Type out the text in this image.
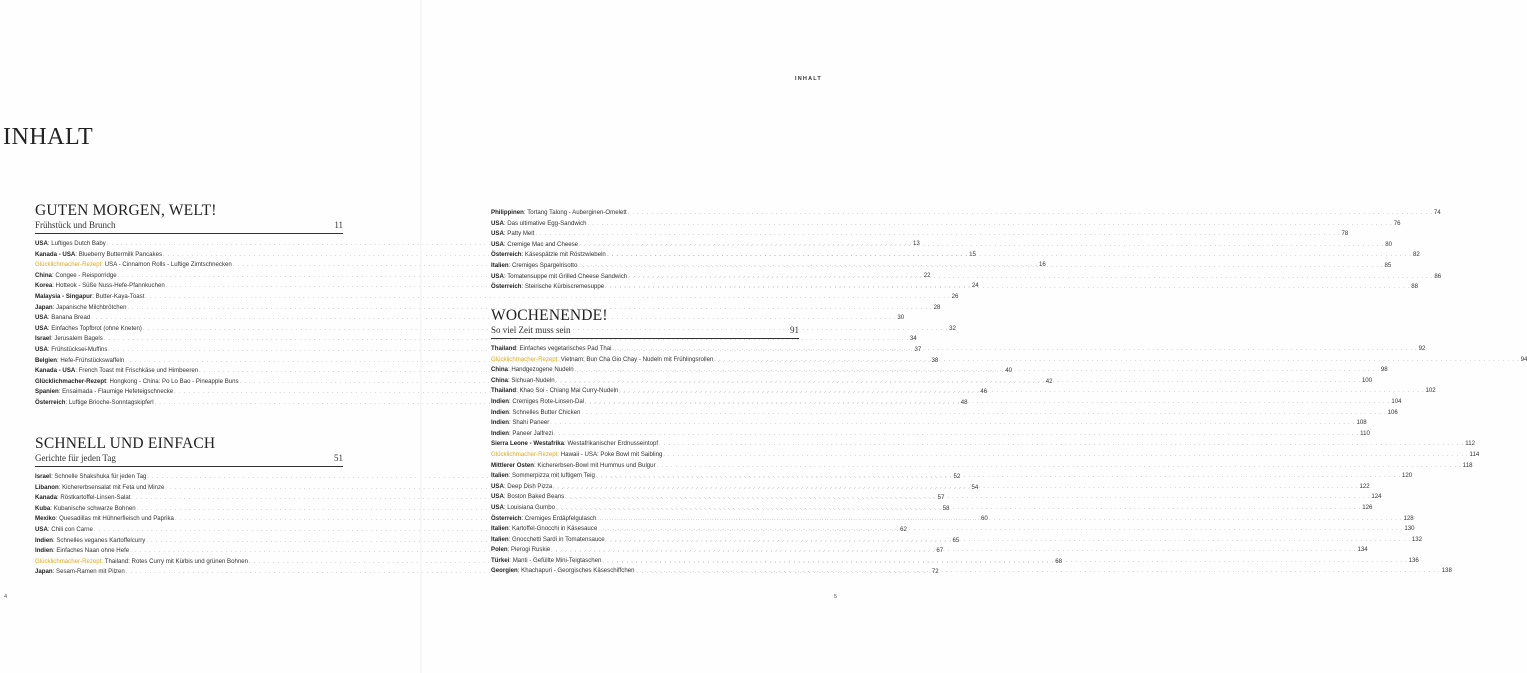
INHALT
GUTEN MORGEN, WELT!
Frühstück und Brunch	11
USA : Luftiges Dutch Baby . . .	13
Kanada - USA : Blueberry Buttermilk Pancakes . . .	15
Glücklichmacher-Rezept : USA - Cinnamon Rolls - Luftige Zimtschnecken . . .	16
China : Congee - Reisporridge . . .	22
Korea : Hotteok - Süße Nuss-Hefe-Pfannkuchen . . .	24
Malaysia - Singapur : Butter-Kaya-Toast . . .	26
Japan : Japanische Milchbrötchen . . .	28
USA : Banana Bread . . .	30
USA : Einfaches Topfbrot (ohne Kneten) . . .	32
Israel : Jerusalem Bagels . . .	34
USA : Frühstücksei-Muffins . . .	37
Belgien : Hefe-Frühstückswaffeln . . .	38
Kanada - USA : French Toast mit Frischkäse und Himbeeren . . .	40
Glücklichmacher-Rezept : Hongkong - China: Po Lo Bao - Pineapple Buns . . .	42
Spanien : Ensaimada - Flaumige Hefeteigschnecke . . .	46
Österreich : Luftige Brioche-Sonntagskipferl . . .	48
SCHNELL UND EINFACH
Gerichte für jeden Tag	51
Israel : Schnelle Shakshuka für jeden Tag . . .	52
Libanon : Kichererbsensalat mit Feta und Minze . . .	54
Kanada : Röstkartoffel-Linsen-Salat . . .	57
Kuba : Kubanische schwarze Bohnen . . .	58
Mexiko : Quesadillas mit Hühnerfleisch und Paprika . . .	60
USA : Chili con Carne . . .	62
Indien : Schnelles veganes Kartoffelcurry . . .	65
Indien : Einfaches Naan ohne Hefe . . .	67
Glücklichmacher-Rezept : Thailand: Rotes Curry mit Kürbis und grünen Bohnen . . .	68
Japan : Sesam-Ramen mit Pilzen . . .	72
4
INHALT
Philippinen : Tortang Talong - Auberginen-Omelett . . .	74
USA : Das ultimative Egg-Sandwich . . .	76
USA : Patty Melt . . .	78
USA : Cremige Mac and Cheese . . .	80
Österreich : Käsespätzle mit Röstzwiebeln . . .	82
Italien : Cremiges Spargelrisotto . . .	85
USA : Tomatensuppe mit Grilled Cheese Sandwich . . .	86
Österreich : Steirische Kürbiscremesuppe . . .	88
WOCHENENDE!
So viel Zeit muss sein	91
Thailand : Einfaches vegetarisches Pad Thai . . .	92
Glücklichmacher-Rezept : Vietnam: Bun Cha Gio Chay - Nudeln mit Frühlingsrollen . . .	94
China : Handgezogene Nudeln . . .	98
China : Sichuan-Nudeln . . .	100
Thailand : Khao Soi - Chiang Mai Curry-Nudeln . . .	102
Indien : Cremiges Rote-Linsen-Dal . . .	104
Indien : Schnelles Butter Chicken . . .	106
Indien : Shahi Paneer . . .	108
Indien : Paneer Jalfrezi . . .	110
Sierra Leone - Westafrika : Westafrikanischer Erdnusseintopf . . .	112
Glücklichmacher-Rezept : Hawaii - USA: Poke Bowl mit Saibling . . .	114
Mittlerer Osten : Kichererbsen-Bowl mit Hummus und Bulgur . . .	118
Italien : Sommerpizza mit luftigem Teig . . .	120
USA : Deep Dish Pizza . . .	122
USA : Boston Baked Beans . . .	124
USA : Louisiana Gumbo . . .	126
Österreich : Cremiges Erdäpfelgulasch . . .	128
Italien : Kartoffel-Gnocchi in Käsesauce . . .	130
Italien : Gnocchetti Sardi in Tomatensauce . . .	132
Polen : Pierogi Ruskie . . .	134
Türkei : Manti - Gefüllte Mini-Teigtaschen . . .	136
Georgien : Khachapuri - Georgisches Käseschiffchen . . .	138
5
